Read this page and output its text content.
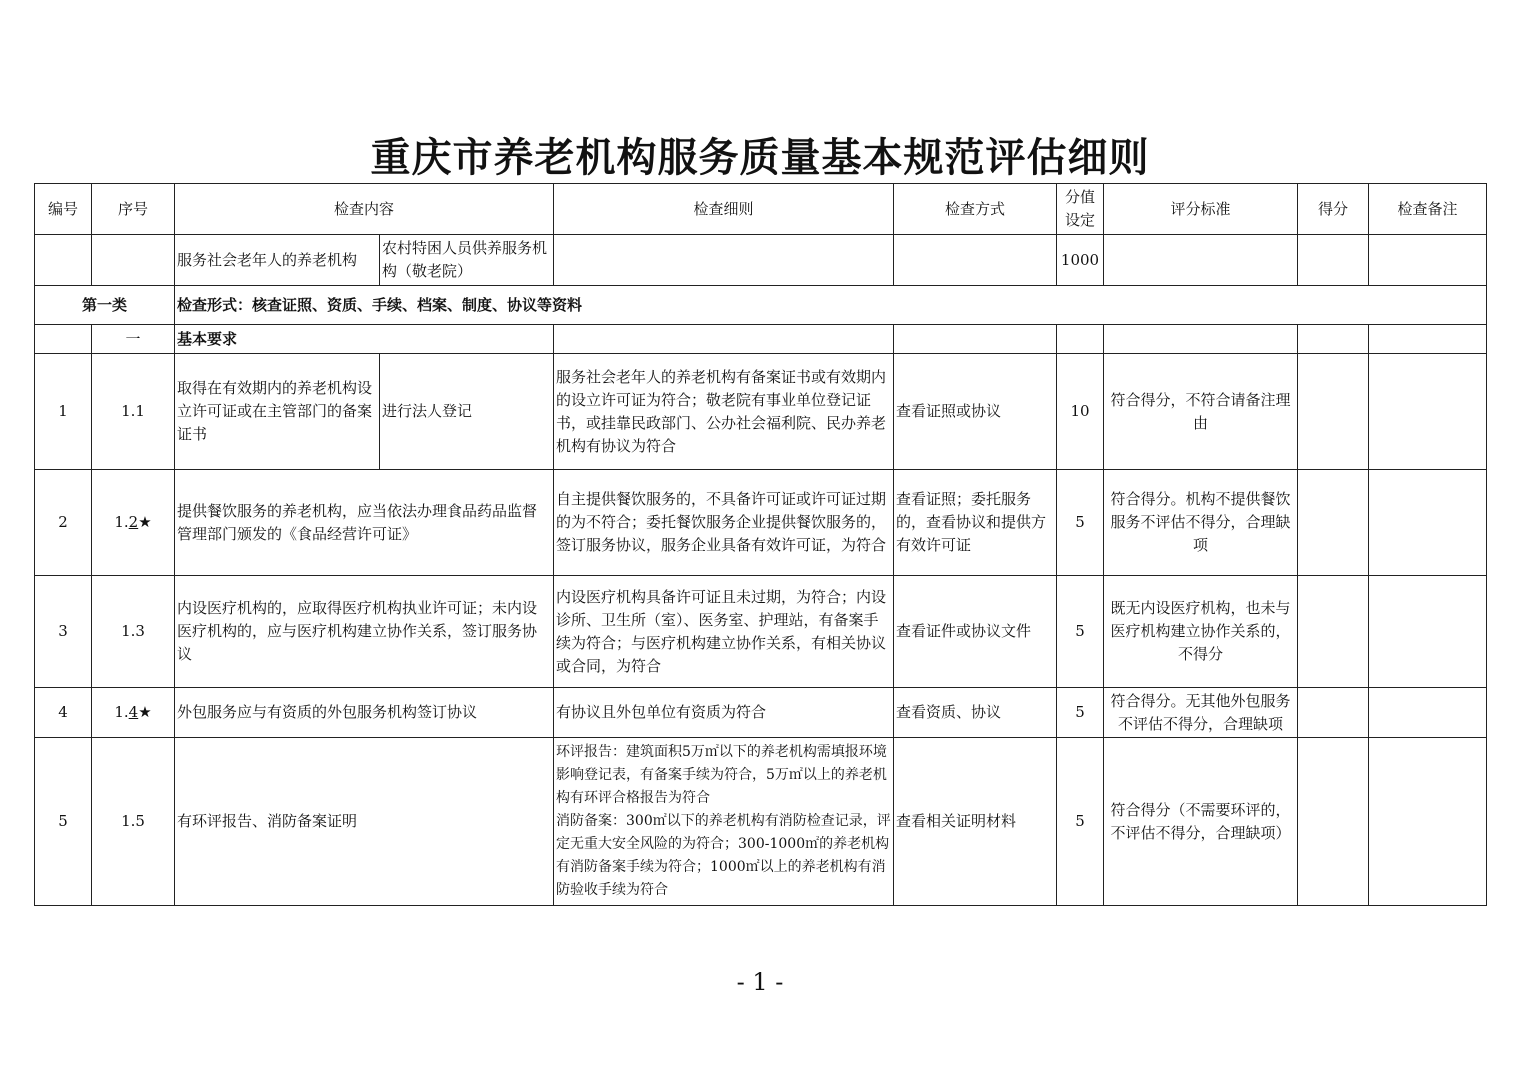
重庆市养老机构服务质量基本规范评估细则
编号	序号	检查内容		检查细则	检查方式	分值设定	评分标准	得分	检查备注
		服务社会老年人的养老机构	农村特困人员供养服务机构（敬老院）			1000			
第一类		检查形式：核查证照、资质、手续、档案、制度、协议等资料							
	一	基本要求							
1	1.1	取得在有效期内的养老机构设立许可证或在主管部门的备案证书	进行法人登记	服务社会老年人的养老机构有备案证书或有效期内的设立许可证为符合；敬老院有事业单位登记证书，或挂靠民政部门、公办社会福利院、民办养老机构有协议为符合	查看证照或协议	10	符合得分，不符合请备注理由		
2	1.2★	提供餐饮服务的养老机构，应当依法办理食品药品监督管理部门颁发的《食品经营许可证》		自主提供餐饮服务的，不具备许可证或许可证过期的为不符合；委托餐饮服务企业提供餐饮服务的，签订服务协议，服务企业具备有效许可证，为符合	查看证照；委托服务的，查看协议和提供方有效许可证	5	符合得分。机构不提供餐饮服务不评估不得分，合理缺项		
3	1.3	内设医疗机构的，应取得医疗机构执业许可证；未内设医疗机构的，应与医疗机构建立协作关系，签订服务协议		内设医疗机构具备许可证且未过期，为符合；内设诊所、卫生所（室）、医务室、护理站，有备案手续为符合；与医疗机构建立协作关系，有相关协议或合同，为符合	查看证件或协议文件	5	既无内设医疗机构，也未与医疗机构建立协作关系的，不得分		
4	1.4★	外包服务应与有资质的外包服务机构签订协议		有协议且外包单位有资质为符合	查看资质、协议	5	符合得分。无其他外包服务不评估不得分，合理缺项		
5	1.5	有环评报告、消防备案证明		环评报告：建筑面积5万㎡以下的养老机构需填报环境影响登记表，有备案手续为符合，5万㎡以上的养老机构有环评合格报告为符合
消防备案：300㎡以下的养老机构有消防检查记录，评定无重大安全风险的为符合；300-1000㎡的养老机构有消防备案手续为符合；1000㎡以上的养老机构有消防验收手续为符合	查看相关证明材料	5	符合得分（不需要环评的，不评估不得分，合理缺项）		
- 1 -
